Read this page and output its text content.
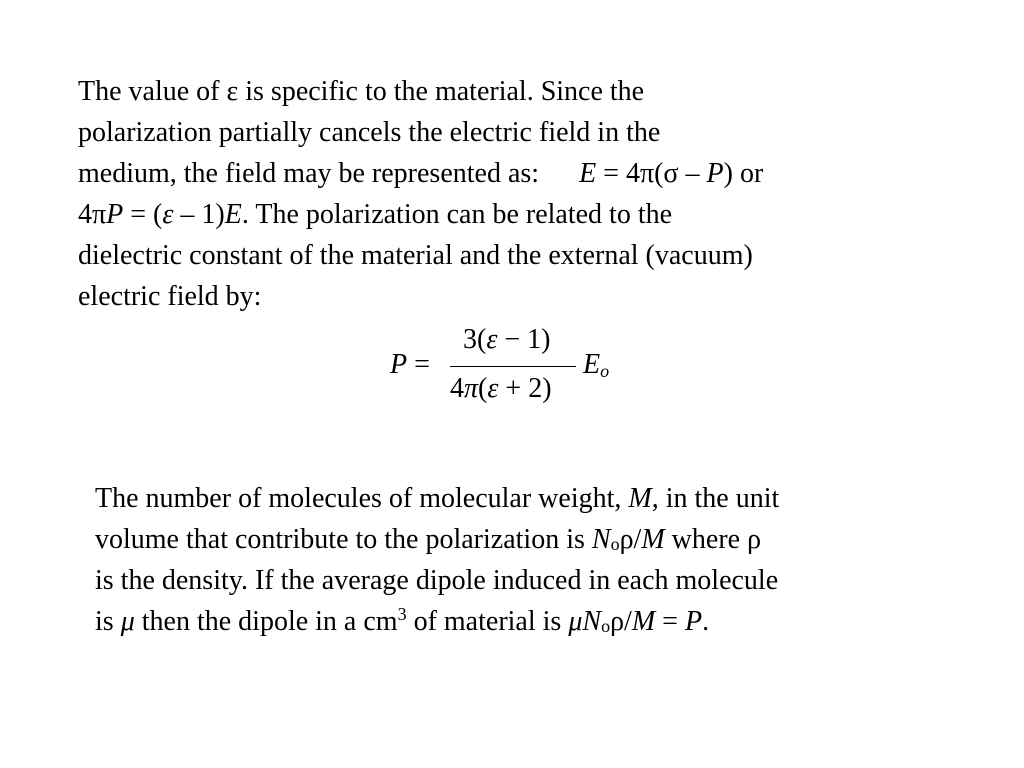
The value of ε is specific to the material. Since the
polarization partially cancels the electric field in the
medium, the field may be represented as: E = 4π(σ – P) or
4πP = (ε – 1)E. The polarization can be related to the
dielectric constant of the material and the external (vacuum)
electric field by:
P =
3(ε − 1)
4π(ε + 2)
$E_o$
The number of molecules of molecular weight, M, in the unit
volume that contribute to the polarization is $N_o\rho/M$ where ρ
is the density. If the average dipole induced in each molecule
is μ then the dipole in a $cm^3$ of material is $\mu N_o\rho/M = P$.
